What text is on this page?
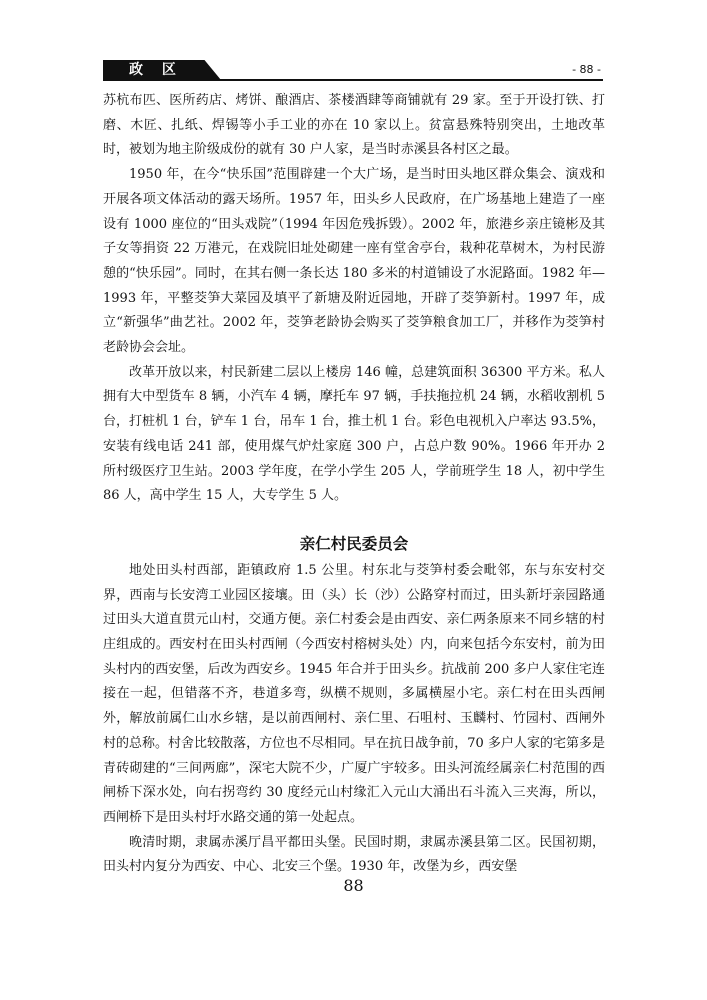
政 区	- 88 -

苏杭布匹、医所药店、烤饼、酿酒店、茶楼酒肆等商铺就有 29 家。至于开设打铁、打磨、木匠、扎纸、焊锡等小手工业的亦在 10 家以上。贫富悬殊特别突出，土地改革时，被划为地主阶级成份的就有 30 户人家，是当时赤溪县各村区之最。

1950 年，在今“快乐国”范围辟建一个大广场，是当时田头地区群众集会、演戏和开展各项文体活动的露天场所。1957 年，田头乡人民政府，在广场基地上建造了一座设有 1000 座位的“田头戏院”（1994 年因危残拆毁）。2002 年，旅港乡亲庄镜彬及其子女等捐资 22 万港元，在戏院旧址处砌建一座有堂舍亭台，栽种花草树木，为村民游憩的“快乐园”。同时，在其右侧一条长达 180 多米的村道铺设了水泥路面。1982 年—1993 年，平整茭笋大菜园及填平了新塘及附近园地，开辟了茭笋新村。1997 年，成立“新强华”曲艺社。2002 年，茭笋老龄协会购买了茭笋粮食加工厂，并移作为茭笋村老龄协会会址。

改革开放以来，村民新建二层以上楼房 146 幢，总建筑面积 36300 平方米。私人拥有大中型货车 8 辆，小汽车 4 辆，摩托车 97 辆，手扶拖拉机 24 辆，水稻收割机 5 台，打桩机 1 台，铲车 1 台，吊车 1 台，推土机 1 台。彩色电视机入户率达 93.5%，安装有线电话 241 部，使用煤气炉灶家庭 300 户，占总户数 90%。1966 年开办 2 所村级医疗卫生站。2003 学年度，在学小学生 205 人，学前班学生 18 人，初中学生 86 人，高中学生 15 人，大专学生 5 人。

亲仁村民委员会

地处田头村西部，距镇政府 1.5 公里。村东北与茭笋村委会毗邻，东与东安村交界，西南与长安湾工业园区接壤。田（头）长（沙）公路穿村而过，田头新圩亲园路通过田头大道直贯元山村，交通方便。亲仁村委会是由西安、亲仁两条原来不同乡辖的村庄组成的。西安村在田头村西闸（今西安村榕树头处）内，向来包括今东安村，前为田头村内的西安堡，后改为西安乡。1945 年合并于田头乡。抗战前 200 多户人家住宅连接在一起，但错落不齐，巷道多弯，纵横不规则，多属横屋小宅。亲仁村在田头西闸外，解放前属仁山水乡辖，是以前西闸村、亲仁里、石咀村、玉麟村、竹园村、西闸外村的总称。村舍比较散落，方位也不尽相同。早在抗日战争前，70 多户人家的宅第多是青砖砌建的“三间两廊”，深宅大院不少，广厦广宇较多。田头河流经属亲仁村范围的西闸桥下深水处，向右拐弯约 30 度经元山村缘汇入元山大涌出石斗流入三夹海，所以，西闸桥下是田头村圩水路交通的第一处起点。

晚清时期，隶属赤溪厅昌平都田头堡。民国时期，隶属赤溪县第二区。民国初期，田头村内复分为西安、中心、北安三个堡。1930 年，改堡为乡，西安堡

88
